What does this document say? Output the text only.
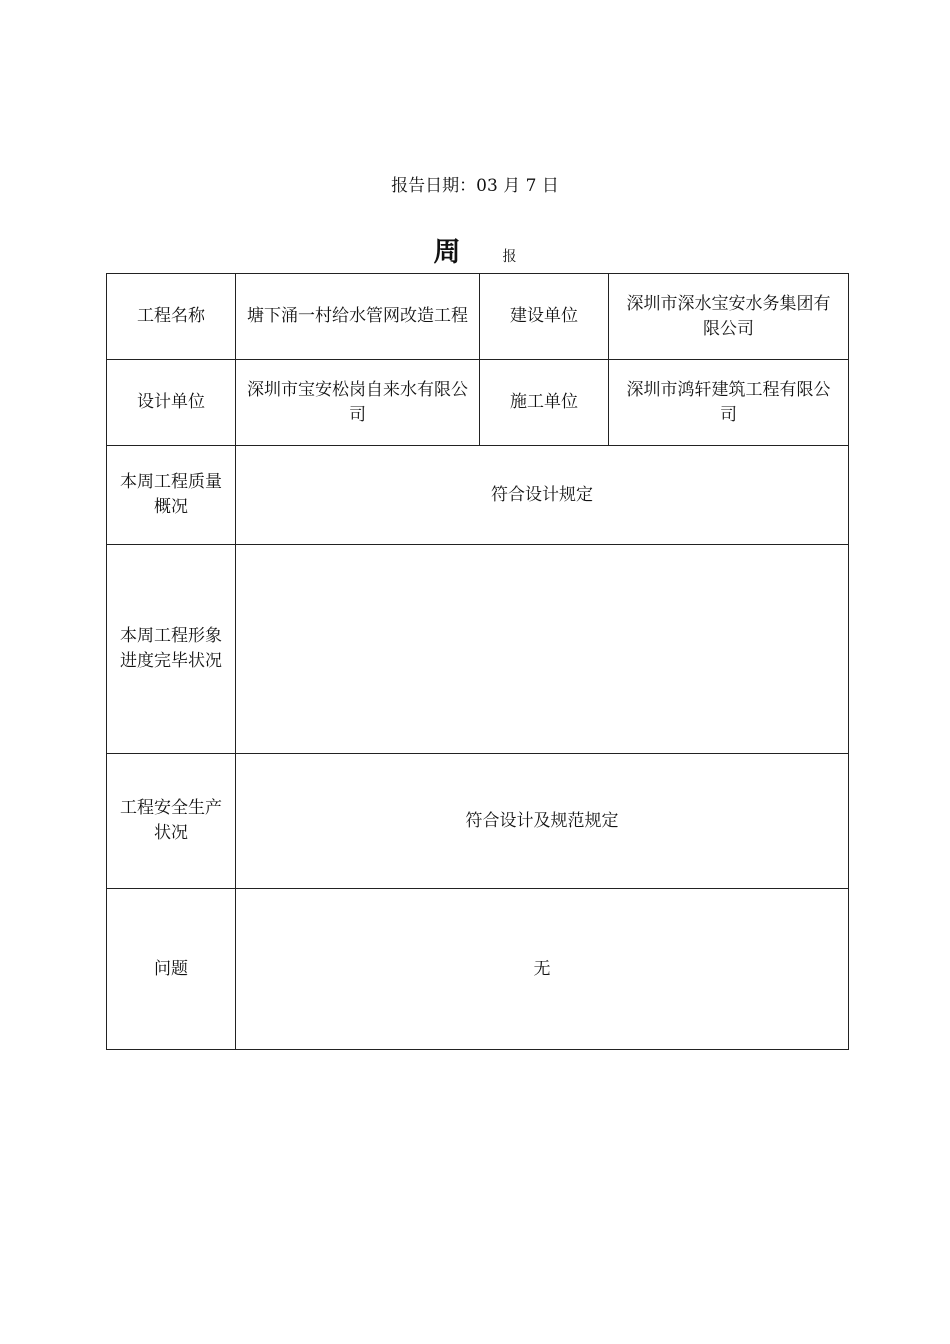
报告日期：03 月 7 日
周	报
工程名称	塘下涌一村给水管网改造工程	建设单位	深圳市深水宝安水务集团有限公司
设计单位	深圳市宝安松岗自来水有限公司	施工单位	深圳市鸿轩建筑工程有限公司
本周工程质量概况	符合设计规定		
本周工程形象进度完毕状况			
工程安全生产状况	符合设计及规范规定		
问题	无		
